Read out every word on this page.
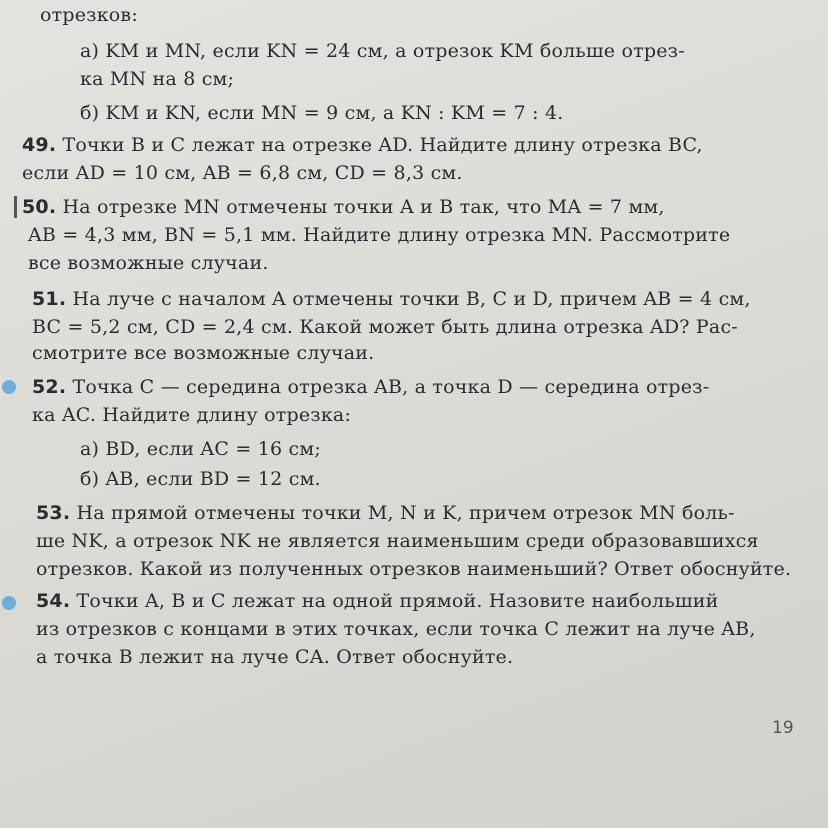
отрезков:
а) KM и MN, если KN = 24 см, а отрезок KM больше отрез-
ка MN на 8 см;
б) KM и KN, если MN = 9 см, а KN : KM = 7 : 4.
49. Точки B и C лежат на отрезке AD. Найдите длину отрезка BC,
если AD = 10 см, AB = 6,8 см, CD = 8,3 см.
50. На отрезке MN отмечены точки A и B так, что MA = 7 мм,
AB = 4,3 мм, BN = 5,1 мм. Найдите длину отрезка MN. Рассмотрите
все возможные случаи.
51. На луче с началом A отмечены точки B, C и D, причем AB = 4 см,
BC = 5,2 см, CD = 2,4 см. Какой может быть длина отрезка AD? Рас-
смотрите все возможные случаи.
52. Точка C — середина отрезка AB, а точка D — середина отрез-
ка AC. Найдите длину отрезка:
а) BD, если AC = 16 см;
б) AB, если BD = 12 см.
53. На прямой отмечены точки M, N и K, причем отрезок MN боль-
ше NK, а отрезок NK не является наименьшим среди образовавшихся
отрезков. Какой из полученных отрезков наименьший? Ответ обоснуйте.
54. Точки A, B и C лежат на одной прямой. Назовите наибольший
из отрезков с концами в этих точках, если точка C лежит на луче AB,
а точка B лежит на луче CA. Ответ обоснуйте.
19
